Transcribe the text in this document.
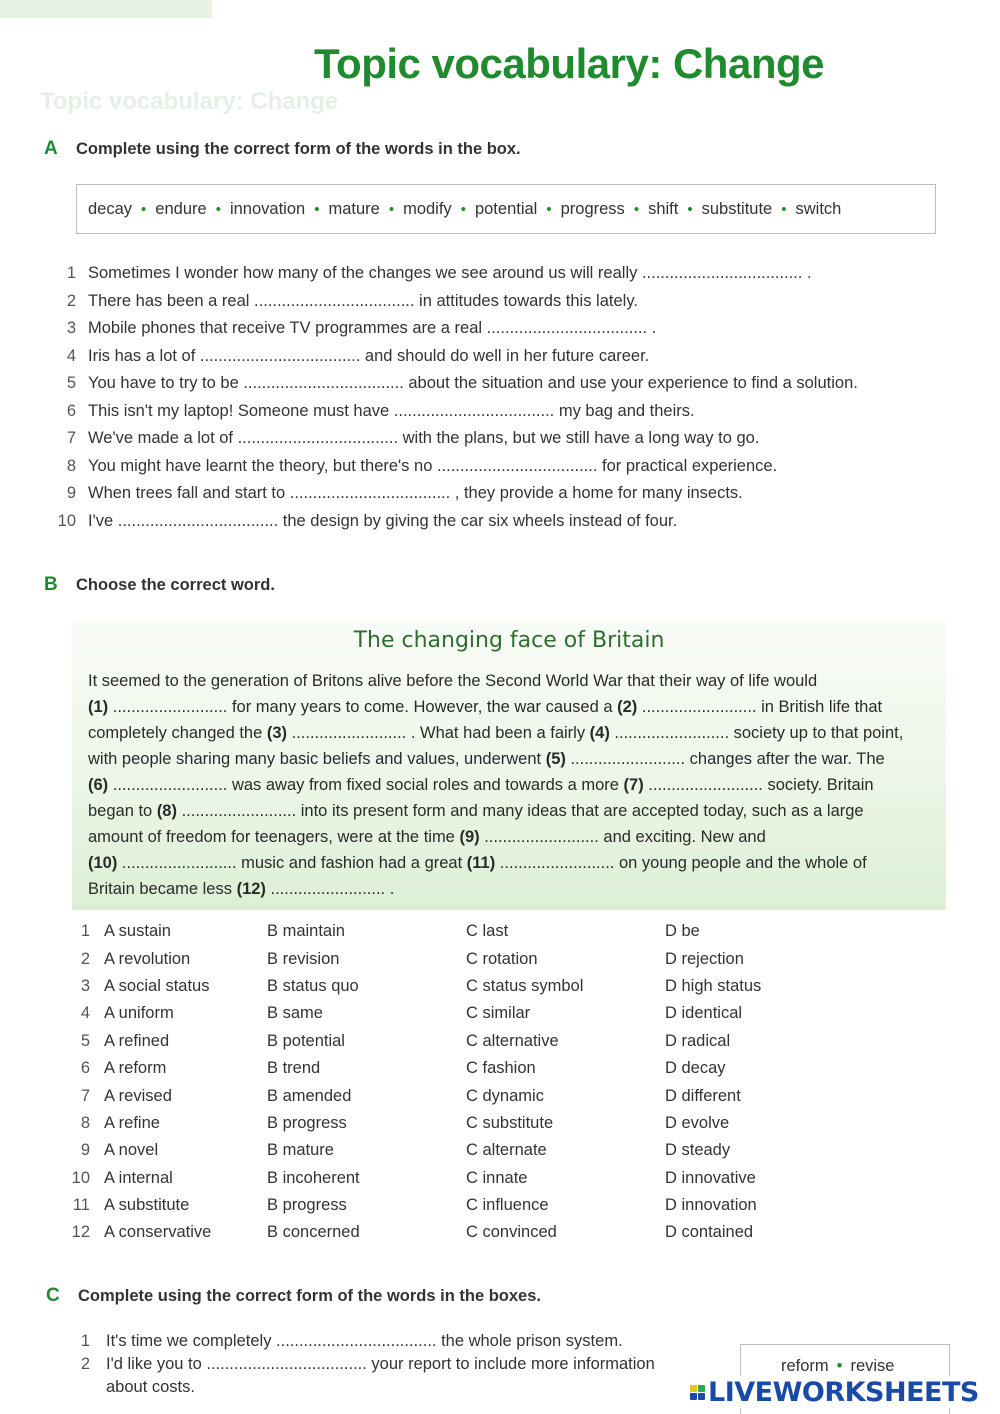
Topic vocabulary: Change
Topic vocabulary: Change
A	Complete using the correct form of the words in the box.
decay • endure • innovation • mature • modify • potential • progress • shift • substitute • switch
1 Sometimes I wonder how many of the changes we see around us will really ................................... .
2 There has been a real ................................... in attitudes towards this lately.
3 Mobile phones that receive TV programmes are a real ................................... .
4 Iris has a lot of ................................... and should do well in her future career.
5 You have to try to be ................................... about the situation and use your experience to find a solution.
6 This isn't my laptop! Someone must have ................................... my bag and theirs.
7 We've made a lot of ................................... with the plans, but we still have a long way to go.
8 You might have learnt the theory, but there's no ................................... for practical experience.
9 When trees fall and start to ................................... , they provide a home for many insects.
10 I've ................................... the design by giving the car six wheels instead of four.
B	Choose the correct word.
The changing face of Britain
It seemed to the generation of Britons alive before the Second World War that their way of life would
(1) ......................... for many years to come. However, the war caused a (2) ......................... in British life that
completely changed the (3) ......................... . What had been a fairly (4) ......................... society up to that point,
with people sharing many basic beliefs and values, underwent (5) ......................... changes after the war. The
(6) ......................... was away from fixed social roles and towards a more (7) ......................... society. Britain
began to (8) ......................... into its present form and many ideas that are accepted today, such as a large
amount of freedom for teenagers, were at the time (9) ......................... and exciting. New and
(10) ......................... music and fashion had a great (11) ......................... on young people and the whole of
Britain became less (12) ......................... .
1 A sustain	B maintain	C last	D be
2 A revolution	B revision	C rotation	D rejection
3 A social status	B status quo	C status symbol	D high status
4 A uniform	B same	C similar	D identical
5 A refined	B potential	C alternative	D radical
6 A reform	B trend	C fashion	D decay
7 A revised	B amended	C dynamic	D different
8 A refine	B progress	C substitute	D evolve
9 A novel	B mature	C alternate	D steady
10 A internal	B incoherent	C innate	D innovative
11 A substitute	B progress	C influence	D innovation
12 A conservative	B concerned	C convinced	D contained
C	Complete using the correct form of the words in the boxes.
1 It's time we completely ................................... the whole prison system.
2 I'd like you to ................................... your report to include more information
about costs.
reform • revise
LIVEWORKSHEETS
